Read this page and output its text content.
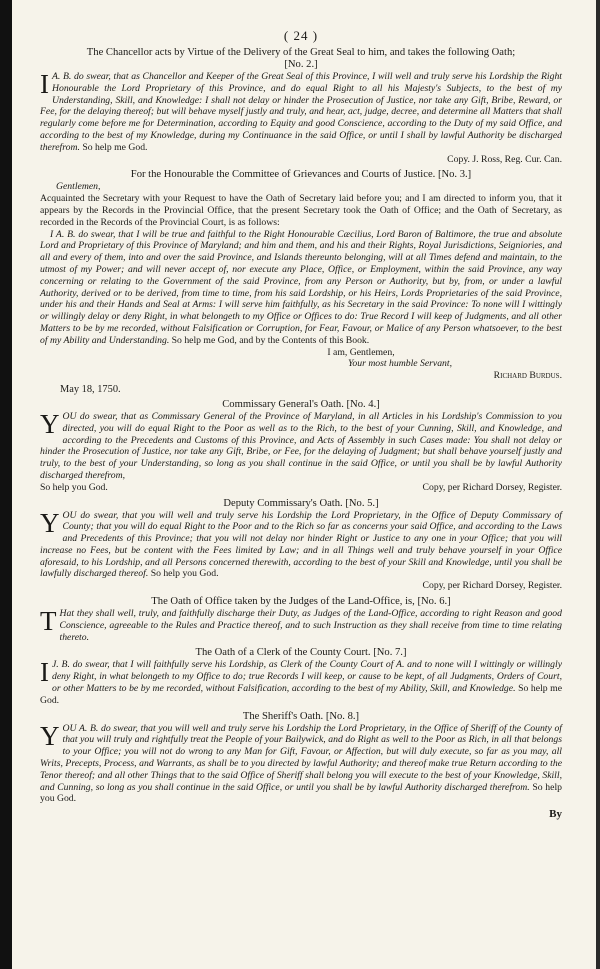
( 24 )

The Chancellor acts by Virtue of the Delivery of the Great Seal to him, and takes the following Oath;

[No. 2.]

I A. B. do swear, that as Chancellor and Keeper of the Great Seal of this Province, I will well and truly serve his Lordship the Right Honourable the Lord Proprietary of this Province, and do equal Right to all his Majesty's Subjects, to the best of my Understanding, Skill, and Knowledge: I shall not delay or hinder the Prosecution of Justice, nor take any Gift, Bribe, Reward, or Fee, for the delaying thereof; but will behave myself justly and truly, and hear, act, judge, decree, and determine all Matters that shall regularly come before me for Determination, according to Equity and good Conscience, according to the Duty of my said Office, and according to the best of my Knowledge, during my Continuance in the said Office, or until I shall by lawful Authority be discharged therefrom. So help me God.

Copy. J. Ross, Reg. Cur. Can.

For the Honourable the Committee of Grievances and Courts of Justice. [No. 3.]

Gentlemen,

Acquainted the Secretary with your Request to have the Oath of Secretary laid before you; and I am directed to inform you, that it appears by the Records in the Provincial Office, that the present Secretary took the Oath of Office; and the Oath of Secretary, as recorded in the Records of the Provincial Court, is as follows:

I A. B. do swear, that I will be true and faithful to the Right Honourable Cæcilius, Lord Baron of Baltimore, the true and absolute Lord and Proprietary of this Province of Maryland; and him and them, and his and their Rights, Royal Jurisdictions, Seigniories, and all and every of them, into and over the said Province, and Islands thereunto belonging, will at all Times defend and maintain, to the utmost of my Power; and will never accept of, nor execute any Place, Office, or Employment, within the said Province, any way concerning or relating to the Government of the said Province, from any Person or Authority, but by, from, or under a lawful Authority, derived or to be derived, from time to time, from his said Lordship, or his Heirs, Lords Proprietaries of the said Province, under his and their Hands and Seal at Arms: I will serve him faithfully, as his Secretary in the said Province: To none will I wittingly or willingly delay or deny Right, in what belongeth to my Office or Offices to do: True Record I will keep of Judgments, and all other Matters to be by me recorded, without Falsification or Corruption, for Fear, Favour, or Malice of any Person whatsoever, to the best of my Ability and Understanding. So help me God, and by the Contents of this Book.

I am, Gentlemen,

Your most humble Servant,

Richard Burdus.

May 18, 1750.

Commissary General's Oath. [No. 4.]

YOU do swear, that as Commissary General of the Province of Maryland, in all Articles in his Lordship's Commission to you directed, you will do equal Right to the Poor as well as to the Rich, to the best of your Cunning, Skill, and Knowledge, and according to the Precedents and Customs of this Province, and Acts of Assembly in such Cases made: You shall not delay or hinder the Prosecution of Justice, nor take any Gift, Bribe, or Fee, for the delaying of Judgment; but shall behave yourself justly and truly, to the best of your Understanding, so long as you shall continue in the said Office, or until you shall be by lawful Authority discharged therefrom,

So help you God.	Copy, per Richard Dorsey, Register.

Deputy Commissary's Oath. [No. 5.]

YOU do swear, that you will well and truly serve his Lordship the Lord Proprietary, in the Office of Deputy Commissary of County; that you will do equal Right to the Poor and to the Rich so far as concerns your said Office, and according to the Laws and Precedents of this Province; that you will not delay nor hinder Right or Justice to any one in your Office; that you will increase no Fees, but be content with the Fees limited by Law; and in all Things well and truly behave yourself in your Office aforesaid, to his Lordship, and all Persons concerned therewith, according to the best of your Skill and Knowledge, until you shall be lawfully discharged thereof. So help you God.

Copy, per Richard Dorsey, Register.

The Oath of Office taken by the Judges of the Land-Office, is, [No. 6.]

T Hat they shall well, truly, and faithfully discharge their Duty, as Judges of the Land-Office, according to right Reason and good Conscience, agreeable to the Rules and Practice thereof, and to such Instruction as they shall receive from time to time relating thereto.

The Oath of a Clerk of the County Court. [No. 7.]

I J. B. do swear, that I will faithfully serve his Lordship, as Clerk of the County Court of A. and to none will I wittingly or willingly deny Right, in what belongeth to my Office to do; true Records I will keep, or cause to be kept, of all Judgments, Orders of Court, or other Matters to be by me recorded, without Falsification, according to the best of my Ability, Skill, and Knowledge. So help me God.

The Sheriff's Oath. [No. 8.]

YOU A. B. do swear, that you will well and truly serve his Lordship the Lord Proprietary, in the Office of Sheriff of the County of that you will truly and rightfully treat the People of your Bailywick, and do Right as well to the Poor as Rich, in all that belongs to your Office; you will not do wrong to any Man for Gift, Favour, or Affection, but will duly execute, so far as you may, all Writs, Precepts, Process, and Warrants, as shall be to you directed by lawful Authority; and thereof make true Return according to the Tenor thereof; and all other Things that to the said Office of Sheriff shall belong you will execute to the best of your Knowledge, Skill, and Cunning, so long as you shall continue in the said Office, or until you shall be by lawful Authority discharged therefrom. So help you God.

By
